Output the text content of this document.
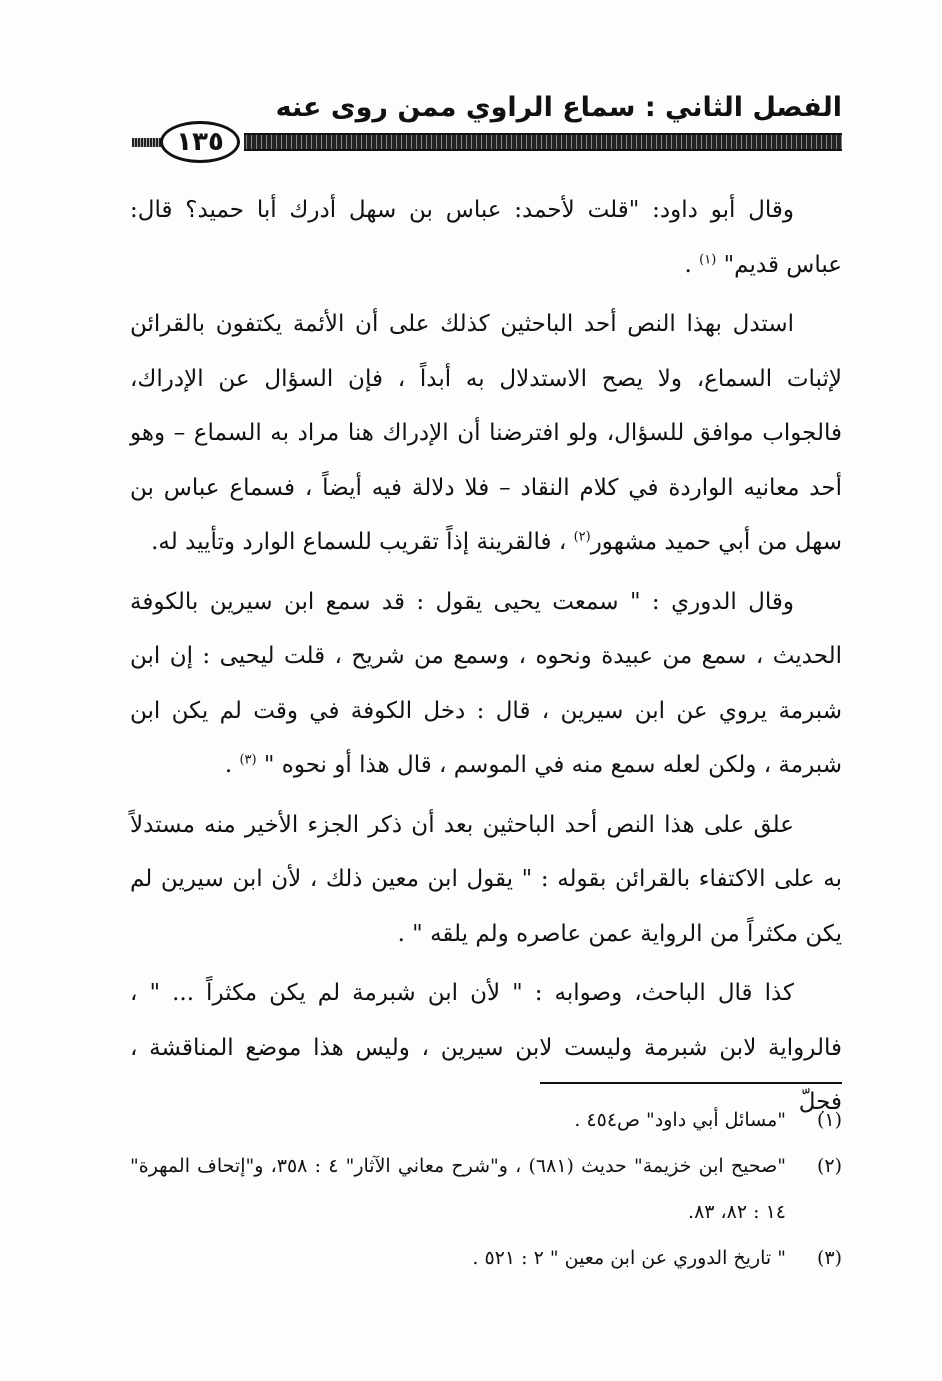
الفصل الثاني : سماع الراوي ممن روى عنه
١٣٥

وقال أبو داود: "قلت لأحمد: عباس بن سهل أدرك أبا حميد؟ قال: عباس قديم" $^{(١)}$ .

استدل بهذا النص أحد الباحثين كذلك على أن الأئمة يكتفون بالقرائن لإثبات السماع، ولا يصح الاستدلال به أبداً ، فإن السؤال عن الإدراك، فالجواب موافق للسؤال، ولو افترضنا أن الإدراك هنا مراد به السماع – وهو أحد معانيه الواردة في كلام النقاد – فلا دلالة فيه أيضاً ، فسماع عباس بن سهل من أبي حميد مشهور$^{(٢)}$ ، فالقرينة إذاً تقريب للسماع الوارد وتأييد له.

وقال الدوري : " سمعت يحيى يقول : قد سمع ابن سيرين بالكوفة الحديث ، سمع من عبيدة ونحوه ، وسمع من شريح ، قلت ليحيى : إن ابن شبرمة يروي عن ابن سيرين ، قال : دخل الكوفة في وقت لم يكن ابن شبرمة ، ولكن لعله سمع منه في الموسم ، قال هذا أو نحوه " $^{(٣)}$ .

علق على هذا النص أحد الباحثين بعد أن ذكر الجزء الأخير منه مستدلاً به على الاكتفاء بالقرائن بقوله : " يقول ابن معين ذلك ، لأن ابن سيرين لم يكن مكثراً من الرواية عمن عاصره ولم يلقه " .

كذا قال الباحث، وصوابه : " لأن ابن شبرمة لم يكن مكثراً ... " ، فالرواية لابن شبرمة وليست لابن سيرين ، وليس هذا موضع المناقشة ، فجلّ

(١)
"مسائل أبي داود" ص٤٥٤ .
(٢)
"صحيح ابن خزيمة" حديث (٦٨١) ، و"شرح معاني الآثار" ٤ : ٣٥٨، و"إتحاف المهرة" ١٤ : ٨٢، ٨٣.
(٣)
" تاريخ الدوري عن ابن معين " ٢ : ٥٢١ .
